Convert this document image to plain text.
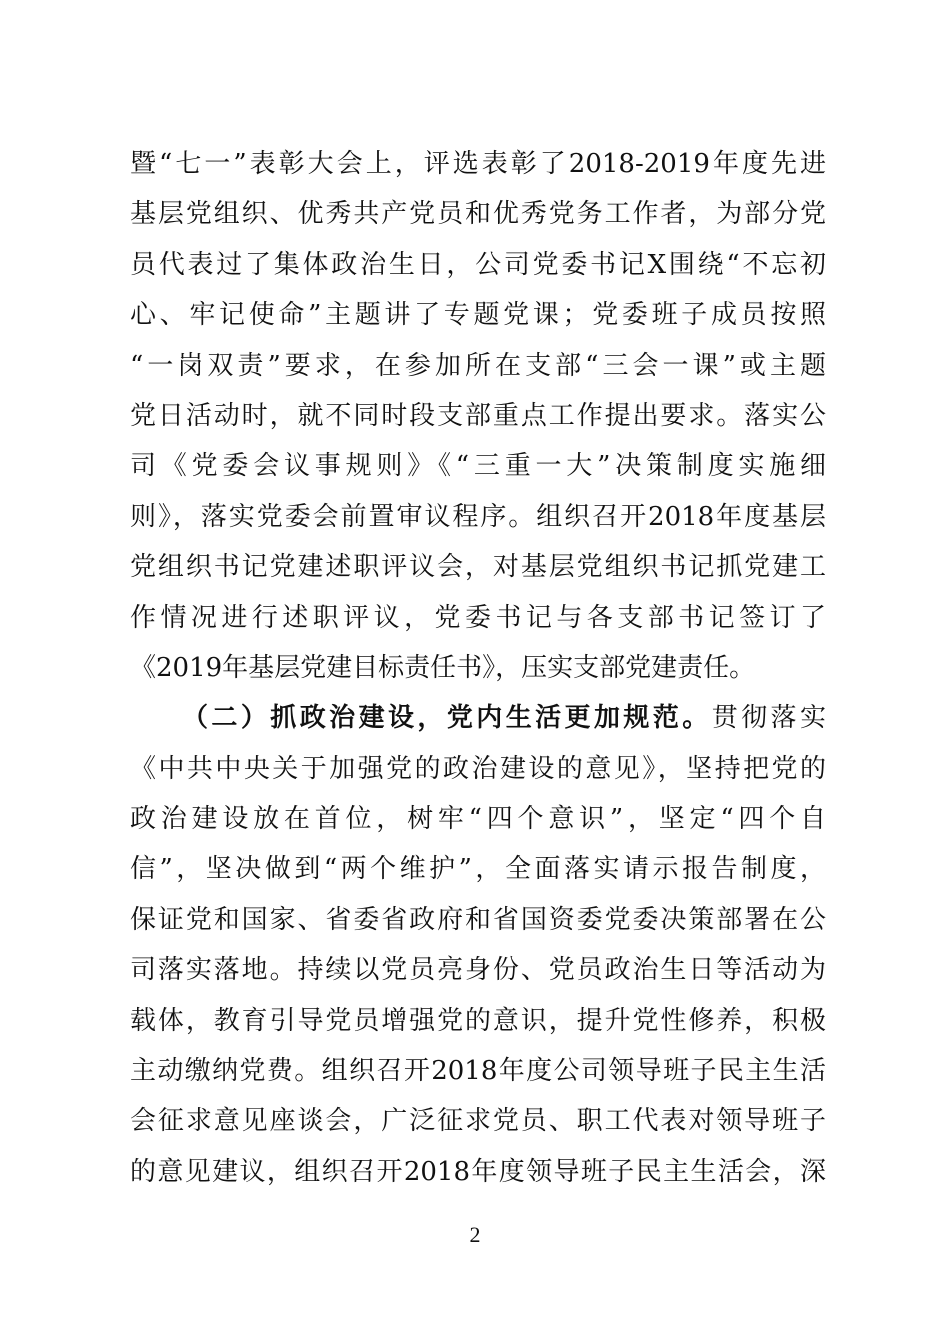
暨“七一”表彰大会上，评选表彰了2018-2019年度先进
基层党组织、优秀共产党员和优秀党务工作者，为部分党
员代表过了集体政治生日，公司党委书记X围绕“不忘初
心、牢记使命”主题讲了专题党课；党委班子成员按照
“一岗双责”要求，在参加所在支部“三会一课”或主题
党日活动时，就不同时段支部重点工作提出要求。落实公
司《党委会议事规则》《“三重一大”决策制度实施细
则》，落实党委会前置审议程序。组织召开2018年度基层
党组织书记党建述职评议会，对基层党组织书记抓党建工
作情况进行述职评议，党委书记与各支部书记签订了
《2019年基层党建目标责任书》，压实支部党建责任。
（二）抓政治建设，党内生活更加规范。贯彻落实
《中共中央关于加强党的政治建设的意见》，坚持把党的
政治建设放在首位，树牢“四个意识”，坚定“四个自
信”，坚决做到“两个维护”，全面落实请示报告制度，
保证党和国家、省委省政府和省国资委党委决策部署在公
司落实落地。持续以党员亮身份、党员政治生日等活动为
载体，教育引导党员增强党的意识，提升党性修养，积极
主动缴纳党费。组织召开2018年度公司领导班子民主生活
会征求意见座谈会，广泛征求党员、职工代表对领导班子
的意见建议，组织召开2018年度领导班子民主生活会，深
2
